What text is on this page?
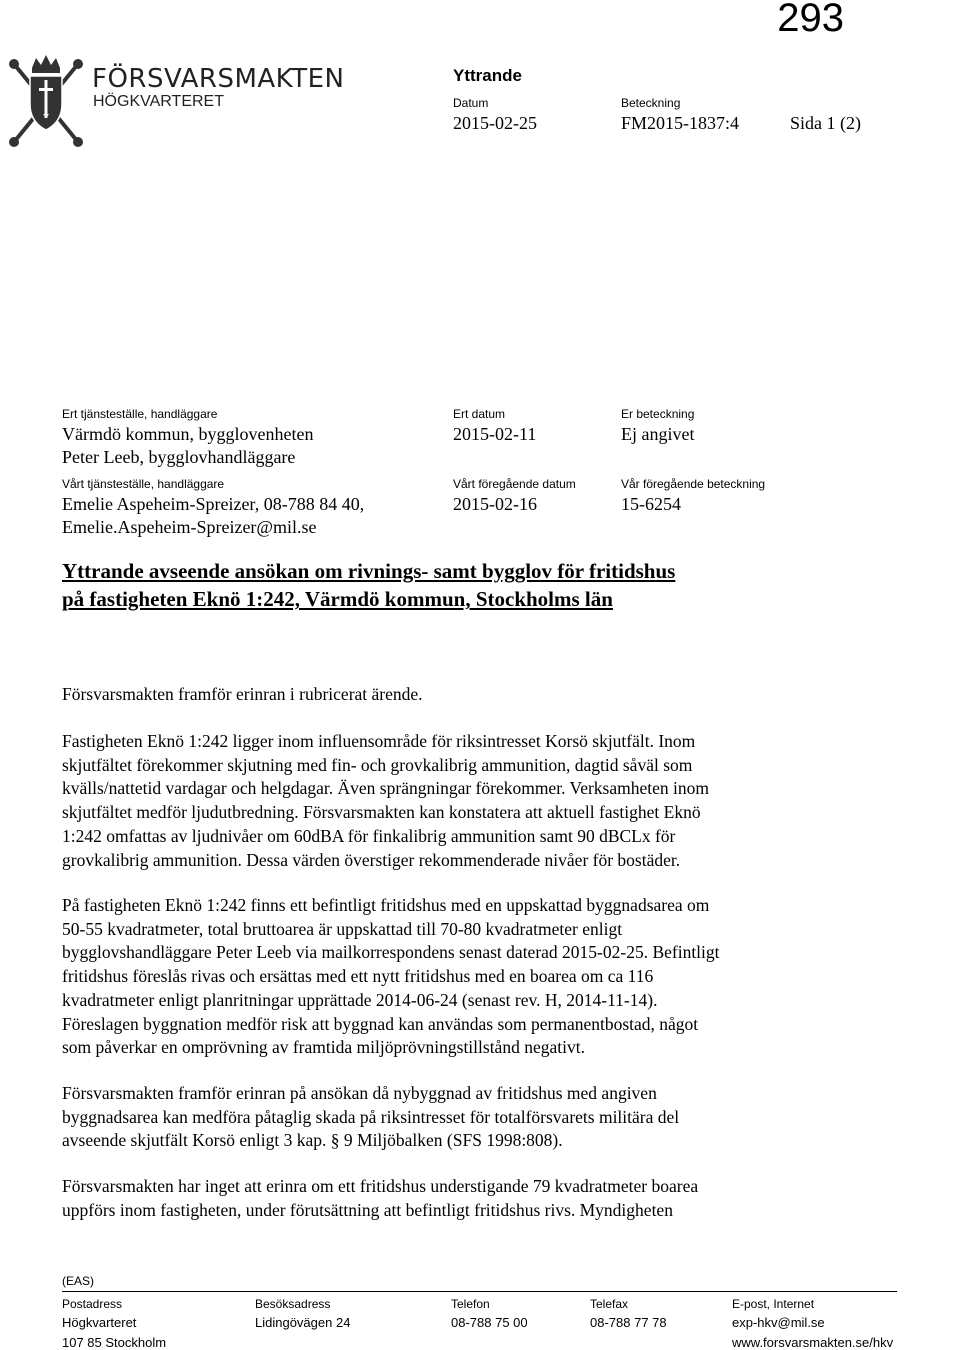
293
FÖRSVARSMAKTEN
HÖGKVARTERET
Yttrande
Datum
2015-02-25
Beteckning
FM2015-1837:4	Sida 1 (2)
Ert tjänsteställe, handläggare
Värmdö kommun, bygglovenheten
Peter Leeb, bygglovhandläggare
Ert datum
2015-02-11
Er beteckning
Ej angivet
Vårt tjänsteställe, handläggare
Emelie Aspeheim-Spreizer, 08-788 84 40,
Emelie.Aspeheim-Spreizer@mil.se
Vårt föregående datum
2015-02-16
Vår föregående beteckning
15-6254
Yttrande avseende ansökan om rivnings- samt bygglov för fritidshus på fastigheten Eknö 1:242, Värmdö kommun, Stockholms län
Försvarsmakten framför erinran i rubricerat ärende.
Fastigheten Eknö 1:242 ligger inom influensområde för riksintresset Korsö skjutfält. Inom
skjutfältet förekommer skjutning med fin- och grovkalibrig ammunition, dagtid såväl som
kvälls/nattetid vardagar och helgdagar. Även sprängningar förekommer. Verksamheten inom
skjutfältet medför ljudutbredning. Försvarsmakten kan konstatera att aktuell fastighet Eknö
1:242 omfattas av ljudnivåer om 60dBA för finkalibrig ammunition samt 90 dBCLx för
grovkalibrig ammunition. Dessa värden överstiger rekommenderade nivåer för bostäder.
På fastigheten Eknö 1:242 finns ett befintligt fritidshus med en uppskattad byggnadsarea om
50-55 kvadratmeter, total bruttoarea är uppskattad till 70-80 kvadratmeter enligt
bygglovshandläggare Peter Leeb via mailkorrespondens senast daterad 2015-02-25. Befintligt
fritidshus föreslås rivas och ersättas med ett nytt fritidshus med en boarea om ca 116
kvadratmeter enligt planritningar upprättade 2014-06-24 (senast rev. H, 2014-11-14).
Föreslagen byggnation medför risk att byggnad kan användas som permanentbostad, något
som påverkar en omprövning av framtida miljöprövningstillstånd negativt.
Försvarsmakten framför erinran på ansökan då nybyggnad av fritidshus med angiven
byggnadsarea kan medföra påtaglig skada på riksintresset för totalförsvarets militära del
avseende skjutfält Korsö enligt 3 kap. § 9 Miljöbalken (SFS 1998:808).
Försvarsmakten har inget att erinra om ett fritidshus understigande 79 kvadratmeter boarea
uppförs inom fastigheten, under förutsättning att befintligt fritidshus rivs. Myndigheten
(EAS)
Postadress
Högkvarteret
107 85 Stockholm
Besöksadress
Lidingövägen 24
Telefon
08-788 75 00
Telefax
08-788 77 78
E-post, Internet
exp-hkv@mil.se
www.forsvarsmakten.se/hkv
